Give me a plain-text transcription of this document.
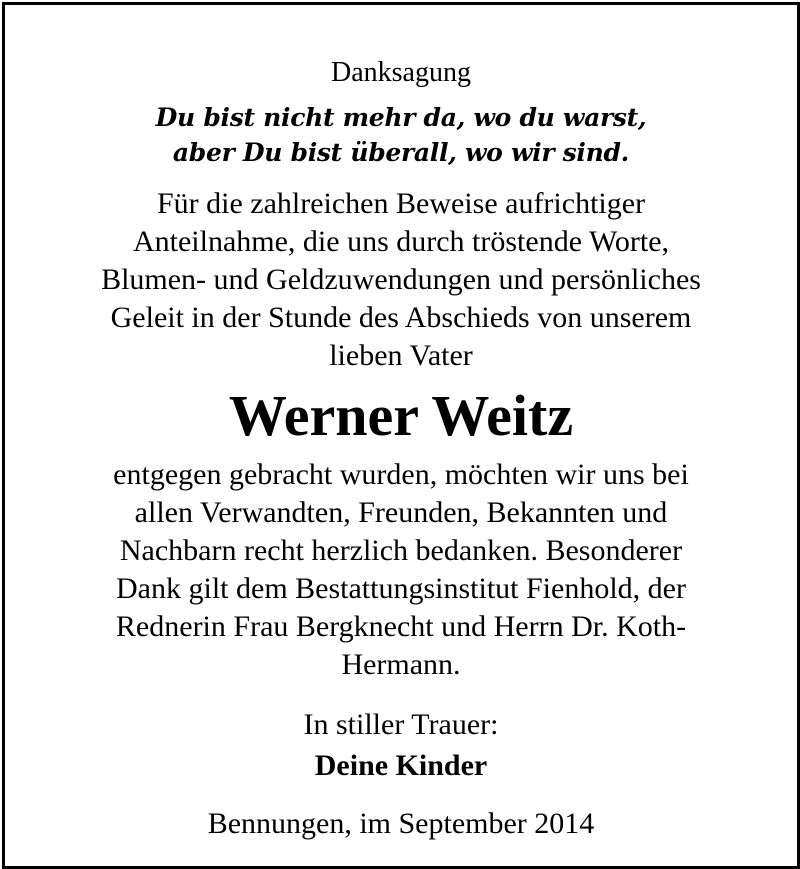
Danksagung
Du bist nicht mehr da, wo du warst,
aber Du bist überall, wo wir sind.
Für die zahlreichen Beweise aufrichtiger
Anteilnahme, die uns durch tröstende Worte,
Blumen- und Geldzuwendungen und persönliches
Geleit in der Stunde des Abschieds von unserem
lieben Vater
Werner Weitz
entgegen gebracht wurden, möchten wir uns bei
allen Verwandten, Freunden, Bekannten und
Nachbarn recht herzlich bedanken. Besonderer
Dank gilt dem Bestattungsinstitut Fienhold, der
Rednerin Frau Bergknecht und Herrn Dr. Koth-
Hermann.
In stiller Trauer:
Deine Kinder
Bennungen, im September 2014
